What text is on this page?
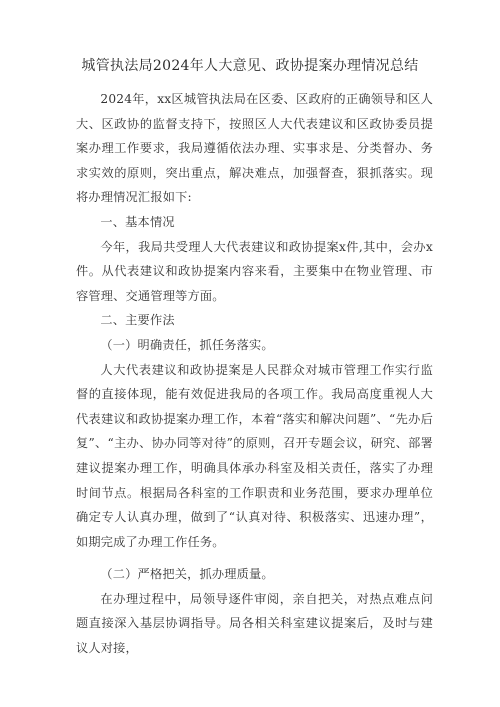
城管执法局2024年人大意见、政协提案办理情况总结

2024年，xx区城管执法局在区委、区政府的正确领导和区人大、区政协的监督支持下，按照区人大代表建议和区政协委员提案办理工作要求，我局遵循依法办理、实事求是、分类督办、务求实效的原则，突出重点，解决难点，加强督查，狠抓落实。现将办理情况汇报如下:

一、基本情况

今年，我局共受理人大代表建议和政协提案x件,其中，会办x件。从代表建议和政协提案内容来看，主要集中在物业管理、市容管理、交通管理等方面。

二、主要作法

（一）明确责任，抓任务落实。

人大代表建议和政协提案是人民群众对城市管理工作实行监督的直接体现，能有效促进我局的各项工作。我局高度重视人大代表建议和政协提案办理工作，本着“落实和解决问题”、“先办后复”、“主办、协办同等对待”的原则，召开专题会议，研究、部署建议提案办理工作，明确具体承办科室及相关责任，落实了办理时间节点。根据局各科室的工作职责和业务范围，要求办理单位确定专人认真办理，做到了“认真对待、积极落实、迅速办理”，如期完成了办理工作任务。

（二）严格把关，抓办理质量。

在办理过程中，局领导逐件审阅，亲自把关，对热点难点问题直接深入基层协调指导。局各相关科室建议提案后，及时与建议人对接，
